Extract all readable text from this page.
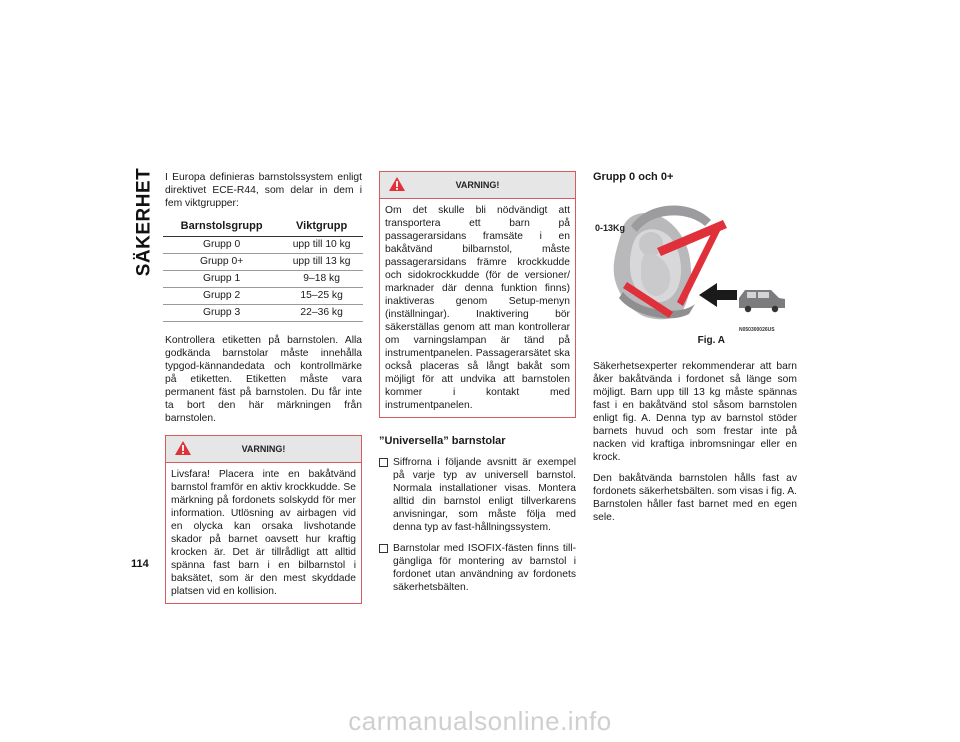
SÄKERHET
114

I Europa definieras barnstolssystem enligt direktivet ECE-R44, som delar in dem i fem viktgrupper:

Barnstolsgrupp	Viktgrupp
Grupp 0	upp till 10 kg
Grupp 0+	upp till 13 kg
Grupp 1	9–18 kg
Grupp 2	15–25 kg
Grupp 3	22–36 kg

Kontrollera etiketten på barnstolen. Alla godkända barnstolar måste innehålla typgod-kännandedata och kontrollmärke på etiketten. Etiketten måste vara permanent fäst på barnstolen. Du får inte ta bort den här märkningen från barnstolen.

VARNING!

Livsfara! Placera inte en bakåtvänd barnstol framför en aktiv krockkudde. Se märkning på fordonets solskydd för mer information. Utlösning av airbagen vid en olycka kan orsaka livshotande skador på barnet oavsett hur kraftig krocken är. Det är tillrådligt att alltid spänna fast barn i en bilbarnstol i baksätet, som är den mest skyddade platsen vid en kollision.

VARNING!

Om det skulle bli nödvändigt att transportera ett barn på passagerarsidans framsäte i en bakåtvänd bilbarnstol, måste passagerarsidans främre krockkudde och sidokrockkudde (för de versioner/ marknader där denna funktion finns) inaktiveras genom Setup-menyn (inställningar). Inaktivering bör säkerställas genom att man kontrollerar om varningslampan är tänd på instrumentpanelen. Passagerarsätet ska också placeras så långt bakåt som möjligt för att undvika att barnstolen kommer i kontakt med instrumentpanelen.

”Universella” barnstolar
Siffrorna i följande avsnitt är exempel på varje typ av universell barnstol. Normala installationer visas. Montera alltid din barnstol enligt tillverkarens anvisningar, som måste följa med denna typ av fast-hållningssystem.
Barnstolar med ISOFIX-fästen finns till-gängliga för montering av barnstol i fordonet utan användning av fordonets säkerhetsbälten.
Grupp 0 och 0+
0-13Kg
N050300026US
Fig. A

Säkerhetsexperter rekommenderar att barn åker bakåtvända i fordonet så länge som möjligt. Barn upp till 13 kg måste spännas fast i en bakåtvänd stol såsom barnstolen enligt fig. A. Denna typ av barnstol stöder barnets huvud och som frestar inte på nacken vid kraftiga inbromsningar eller en krock.

Den bakåtvända barnstolen hålls fast av fordonets säkerhetsbälten. som visas i fig. A. Barnstolen håller fast barnet med en egen sele.

carmanualsonline.info
